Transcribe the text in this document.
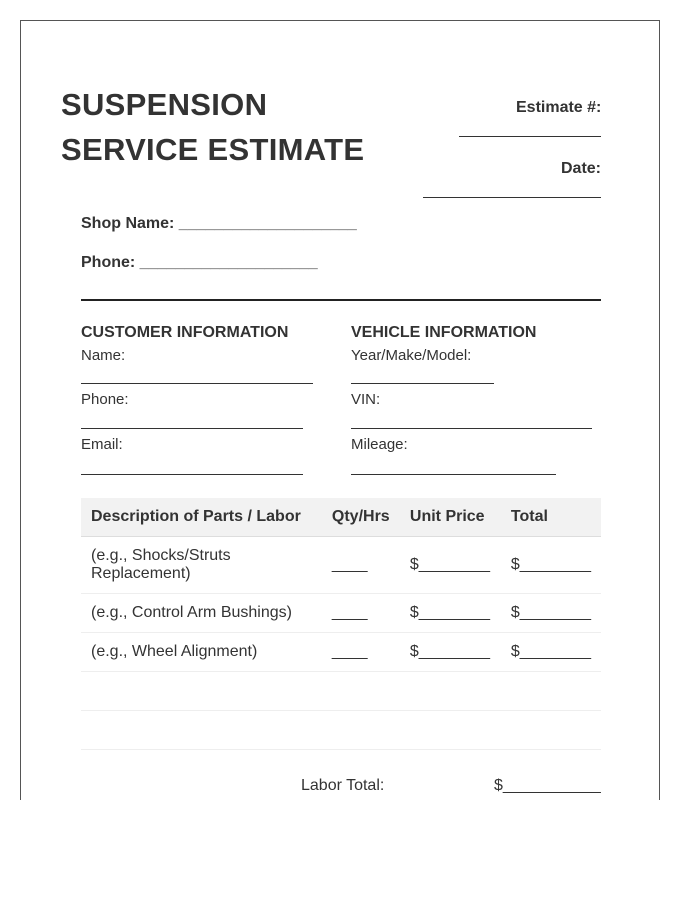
SUSPENSION
SERVICE ESTIMATE
Estimate #:
Date:
Shop Name: ____________________
Phone: ____________________
CUSTOMER INFORMATION
Name:
Phone:
Email:
VEHICLE INFORMATION
Year/Make/Model:
VIN:
Mileage:
Description of Parts / Labor	Qty/Hrs	Unit Price	Total
(e.g., Shocks/Struts Replacement)	____	$________	$________
(e.g., Control Arm Bushings)	____	$________	$________
(e.g., Wheel Alignment)	____	$________	$________

Labor Total:	$___________
